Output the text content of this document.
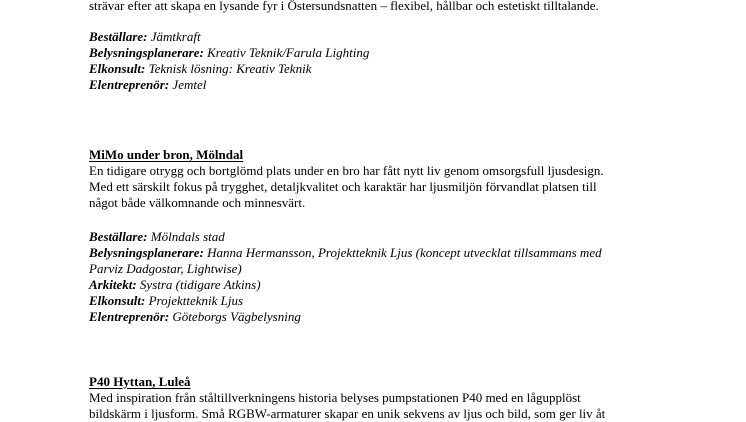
strävar efter att skapa en lysande fyr i Östersundsnatten – flexibel, hållbar och estetiskt tilltalande.
Beställare: Jämtkraft
Belysningsplanerare: Kreativ Teknik/Farula Lighting
Elkonsult: Teknisk lösning: Kreativ Teknik
Elentreprenör: Jemtel
MiMo under bron, Mölndal
En tidigare otrygg och bortglömd plats under en bro har fått nytt liv genom omsorgsfull ljusdesign.
Med ett särskilt fokus på trygghet, detaljkvalitet och karaktär har ljusmiljön förvandlat platsen till
något både välkomnande och minnesvärt.
Beställare: Mölndals stad
Belysningsplanerare: Hanna Hermansson, Projektteknik Ljus (koncept utvecklat tillsammans med
Parviz Dadgostar, Lightwise)
Arkitekt: Systra (tidigare Atkins)
Elkonsult: Projektteknik Ljus
Elentreprenör: Göteborgs Vägbelysning
P40 Hyttan, Luleå
Med inspiration från ståltillverkningens historia belyses pumpstationen P40 med en lågupplöst
bildskärm i ljusform. Små RGBW-armaturer skapar en unik sekvens av ljus och bild, som ger liv åt
